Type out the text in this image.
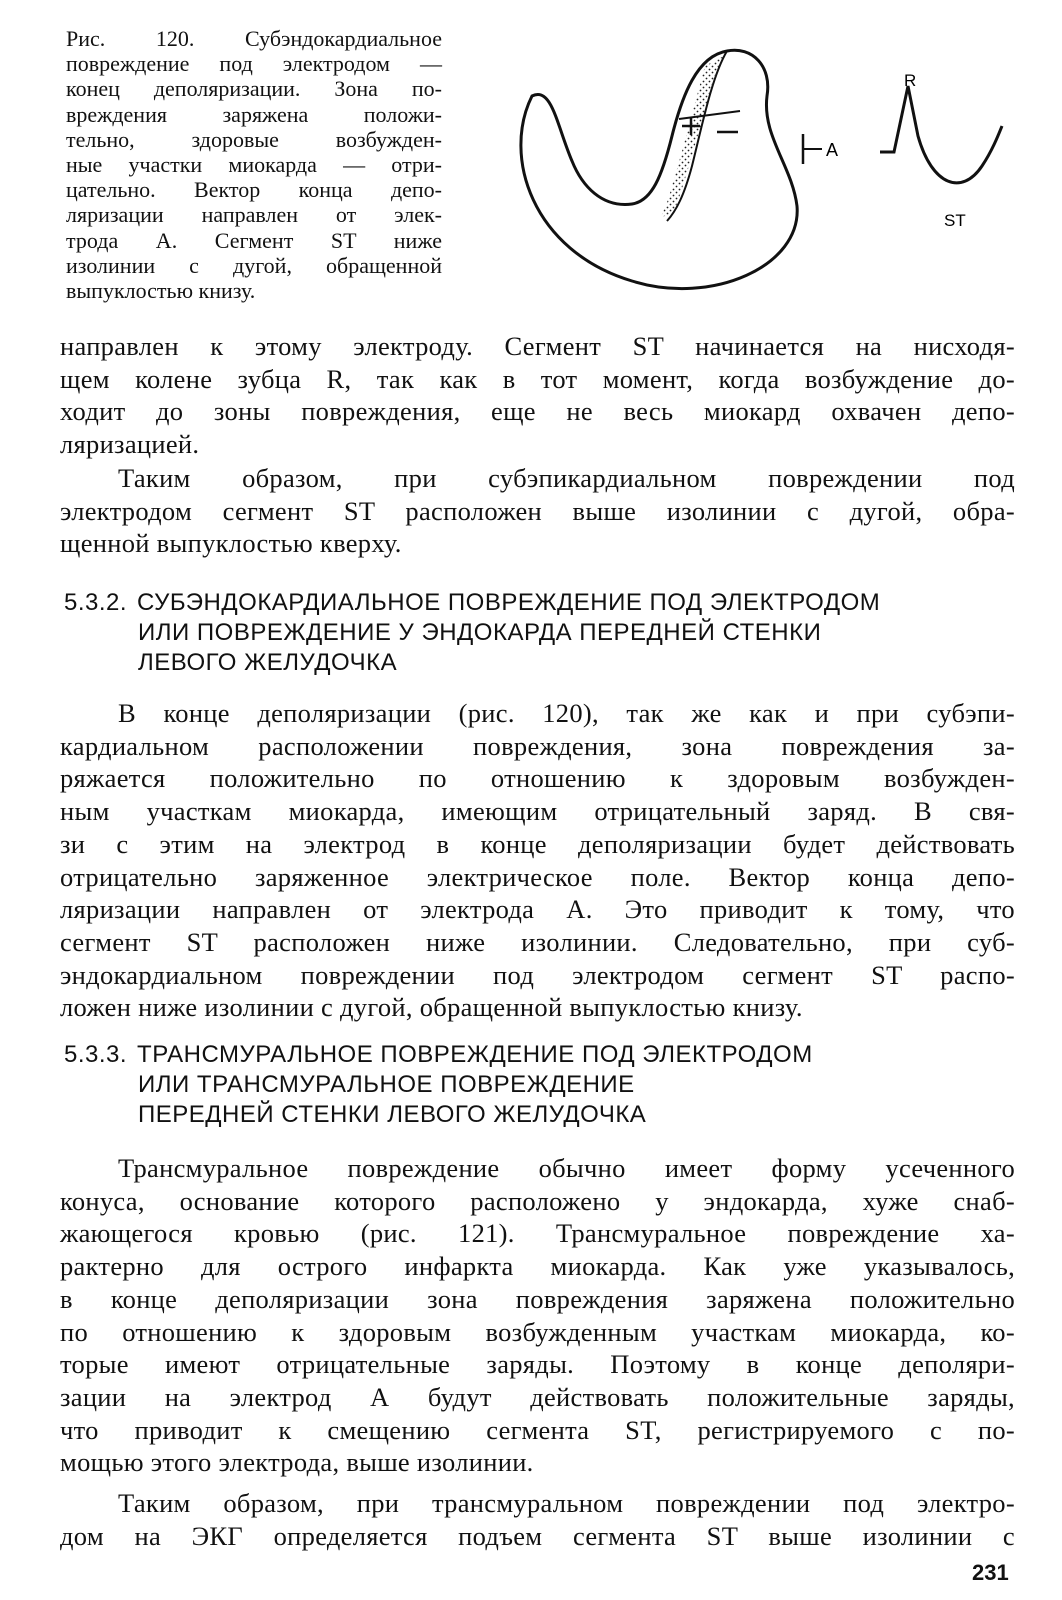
Рис. 120. Субэндокардиальное
повреждение под электродом —
конец деполяризации. Зона по-
вреждения заряжена положи-
тельно, здоровые возбужден-
ные участки миокарда — отри-
цательно. Вектор конца депо-
ляризации направлен от элек-
трода А. Сегмент ST ниже
изолинии с дугой, обращенной
выпуклостью книзу.
A
R
ST
направлен к этому электроду. Сегмент ST начинается на нисходя-
щем колене зубца R, так как в тот момент, когда возбуждение до-
ходит до зоны повреждения, еще не весь миокард охвачен депо-
ляризацией.
Таким образом, при субэпикардиальном повреждении под
электродом сегмент ST расположен выше изолинии с дугой, обра-
щенной выпуклостью кверху.
5.3.2. СУБЭНДОКАРДИАЛЬНОЕ ПОВРЕЖДЕНИЕ ПОД ЭЛЕКТРОДОМ
ИЛИ ПОВРЕЖДЕНИЕ У ЭНДОКАРДА ПЕРЕДНЕЙ СТЕНКИ
ЛЕВОГО ЖЕЛУДОЧКА
В конце деполяризации (рис. 120), так же как и при субэпи-
кардиальном расположении повреждения, зона повреждения за-
ряжается положительно по отношению к здоровым возбужден-
ным участкам миокарда, имеющим отрицательный заряд. В свя-
зи с этим на электрод в конце деполяризации будет действовать
отрицательно заряженное электрическое поле. Вектор конца депо-
ляризации направлен от электрода А. Это приводит к тому, что
сегмент ST расположен ниже изолинии. Следовательно, при суб-
эндокардиальном повреждении под электродом сегмент ST распо-
ложен ниже изолинии с дугой, обращенной выпуклостью книзу.
5.3.3. ТРАНСМУРАЛЬНОЕ ПОВРЕЖДЕНИЕ ПОД ЭЛЕКТРОДОМ
ИЛИ ТРАНСМУРАЛЬНОЕ ПОВРЕЖДЕНИЕ
ПЕРЕДНЕЙ СТЕНКИ ЛЕВОГО ЖЕЛУДОЧКА
Трансмуральное повреждение обычно имеет форму усеченного
конуса, основание которого расположено у эндокарда, хуже снаб-
жающегося кровью (рис. 121). Трансмуральное повреждение ха-
рактерно для острого инфаркта миокарда. Как уже указывалось,
в конце деполяризации зона повреждения заряжена положительно
по отношению к здоровым возбужденным участкам миокарда, ко-
торые имеют отрицательные заряды. Поэтому в конце деполяри-
зации на электрод А будут действовать положительные заряды,
что приводит к смещению сегмента ST, регистрируемого с по-
мощью этого электрода, выше изолинии.
Таким образом, при трансмуральном повреждении под электро-
дом на ЭКГ определяется подъем сегмента ST выше изолинии с
231
